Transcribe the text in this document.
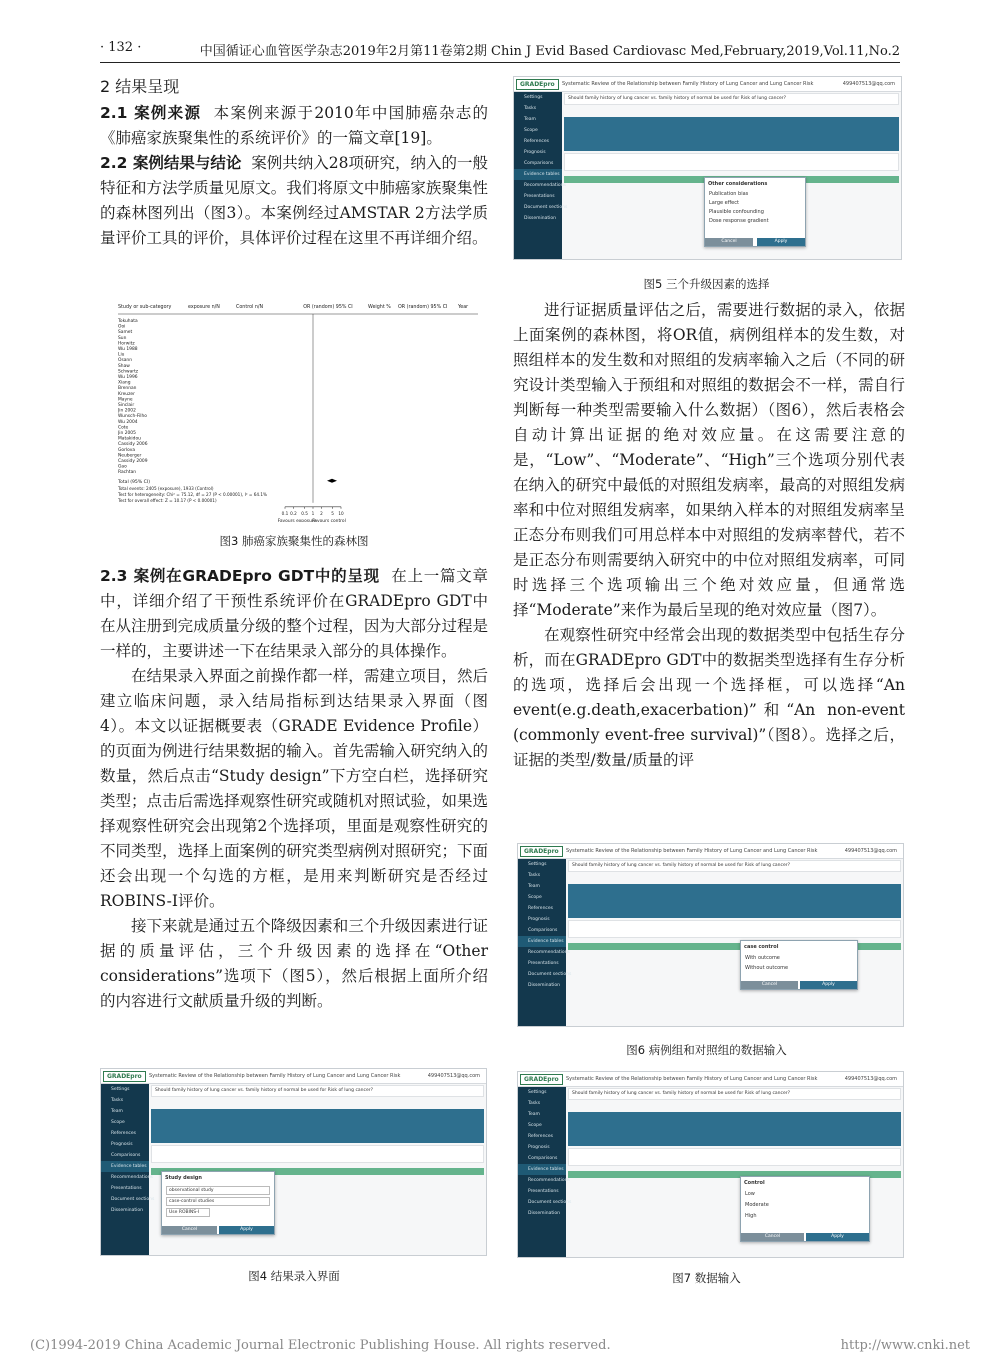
· 132 ·	中国循证心血管医学杂志2019年2月第11卷第2期 Chin J Evid Based Cardiovasc Med,February,2019,Vol.11,No.2

2 结果呈现

2.1 案例来源 本案例来源于2010年中国肺癌杂志的《肺癌家族聚集性的系统评价》的一篇文章[19]。

2.2 案例结果与结论 案例共纳入28项研究，纳入的一般特征和方法学质量见原文。我们将原文中肺癌家族聚集性的森林图列出（图3）。本案例经过AMSTAR 2方法学质量评价工具的评价，具体评价过程在这里不再详细介绍。

Study or sub-category	exposure n/N	Control n/N	OR (random) 95% CI	Weight % OR (random) 95% CI Year
Tokuhata
Ooi
Samet
Sun
Horwitz
Wu 1988
Liu
Osann
Shaw
Schwartz
Wu 1996
Xiang
Brennan
Kreuzer
Mayne
Sinclair
Jin 2002
Wunsch-Filho
Wu 2004
Cote
Jin 2005
Matakidou
Cassidy 2006
Gorlova
Neuberger
Cassidy 2009
Gao
Rachtan
Total (95% CI)
Total events: 2405 (exposure), 1933 (Control)
Test for heterogeneity: Chi² = 75.12, df = 27 (P < 0.00001), I² = 64.1%
Test for overall effect: Z = 10.17 (P < 0.00001)
0.1 0.2 0.5 1 2 5 10
Favours exposure
Favours control
图3 肺癌家族聚集性的森林图

2.3 案例在GRADEpro GDT中的呈现 在上一篇文章中，详细介绍了干预性系统评价在GRADEpro GDT中在从注册到完成质量分级的整个过程，因为大部分过程是一样的，主要讲述一下在结果录入部分的具体操作。

在结果录入界面之前操作都一样，需建立项目，然后建立临床问题，录入结局指标到达结果录入界面（图4）。本文以证据概要表（GRADE Evidence Profile）的页面为例进行结果数据的输入。首先需输入研究纳入的数量，然后点击“Study design”下方空白栏，选择研究类型；点击后需选择观察性研究或随机对照试验，如果选择观察性研究会出现第2个选择项，里面是观察性研究的不同类型，选择上面案例的研究类型病例对照研究；下面还会出现一个勾选的方框，是用来判断研究是否经过ROBINS-I评价。

接下来就是通过五个降级因素和三个升级因素进行证据的质量评估，三个升级因素的选择在“Other considerations”选项下（图5），然后根据上面所介绍的内容进行文献质量升级的判断。

GRADEpro	Systematic Review of the Relationship between Family History of Lung Cancer and Lung Cancer Risk	499407513@qq.com
Settings
Tasks
Team
Scope
References
Prognosis
Comparisons
Evidence tables
Recommendations
Presentations
Document sections
Dissemination
Should family history of lung cancer vs. family history of normal be used for Risk of lung cancer?
Study design
observational study
case-control studies
Use ROBINS-I
Cancel	Apply
图4 结果录入界面
GRADEpro	Systematic Review of the Relationship between Family History of Lung Cancer and Lung Cancer Risk	499407513@qq.com
Settings
Tasks
Team
Scope
References
Prognosis
Comparisons
Evidence tables
Recommendations
Presentations
Document sections
Dissemination
Should family history of lung cancer vs. family history of normal be used for Risk of lung cancer?
Other considerations
Publication bias
Large effect
Plausible confounding
Dose response gradient
Cancel	Apply
图5 三个升级因素的选择

进行证据质量评估之后，需要进行数据的录入，依据上面案例的森林图，将OR值，病例组样本的发生数，对照组样本的发生数和对照组的发病率输入之后（不同的研究设计类型输入于预组和对照组的数据会不一样，需自行判断每一种类型需要输入什么数据）（图6），然后表格会自动计算出证据的绝对效应量。在这需要注意的是，“Low”、“Moderate”、“High”三个选项分别代表在纳入的研究中最低的对照组发病率，最高的对照组发病率和中位对照组发病率，如果纳入样本的对照组发病率呈正态分布则我们可用总样本中对照组的发病率替代，若不是正态分布则需要纳入研究中的中位对照组发病率，可同时选择三个选项输出三个绝对效应量，但通常选择“Moderate”来作为最后呈现的绝对效应量（图7）。

在观察性研究中经常会出现的数据类型中包括生存分析，而在GRADEpro GDT中的数据类型选择有生存分析的选项，选择后会出现一个选择框，可以选择“An event(e.g.death,exacerbation)”和“An non-event (commonly event-free survival)”（图8）。选择之后，证据的类型/数量/质量的评

GRADEpro	Systematic Review of the Relationship between Family History of Lung Cancer and Lung Cancer Risk	499407513@qq.com
Settings
Tasks
Team
Scope
References
Prognosis
Comparisons
Evidence tables
Recommendations
Presentations
Document sections
Dissemination
Should family history of lung cancer vs. family history of normal be used for Risk of lung cancer?
case control
With outcome
Without outcome
Cancel	Apply
图6 病例组和对照组的数据输入
GRADEpro	Systematic Review of the Relationship between Family History of Lung Cancer and Lung Cancer Risk	499407513@qq.com
Settings
Tasks
Team
Scope
References
Prognosis
Comparisons
Evidence tables
Recommendations
Presentations
Document sections
Dissemination
Should family history of lung cancer vs. family history of normal be used for Risk of lung cancer?
Control
Low
Moderate
High
Cancel	Apply
图7 数据输入
(C)1994-2019 China Academic Journal Electronic Publishing House. All rights reserved.	http://www.cnki.net
